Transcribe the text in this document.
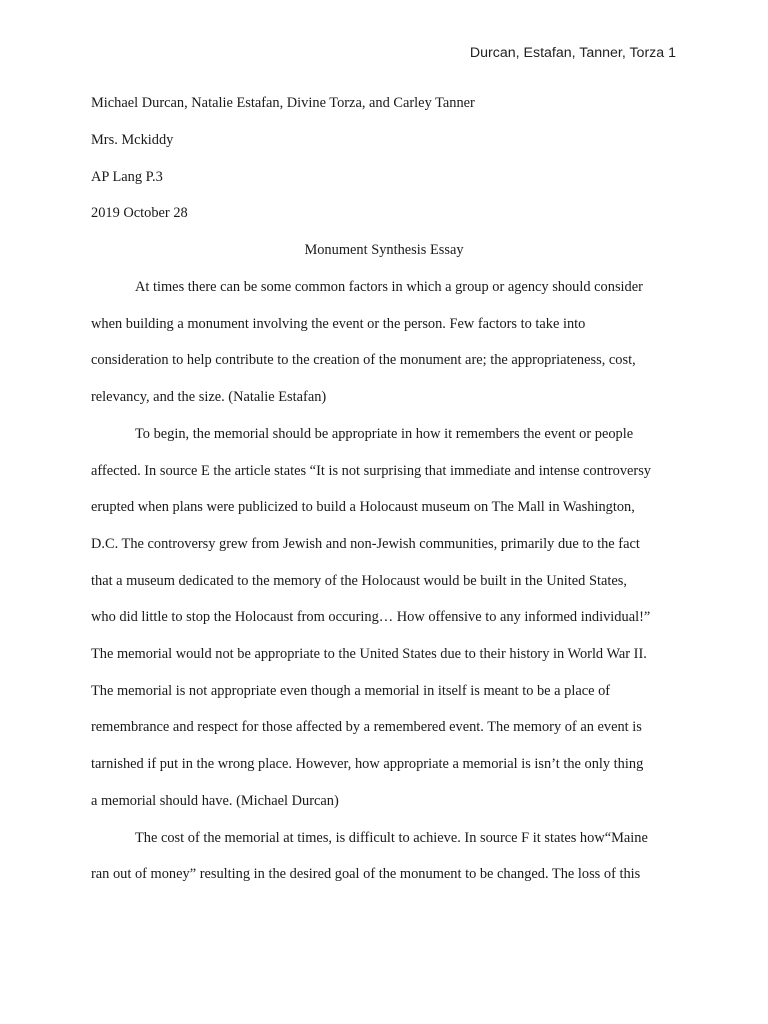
Durcan, Estafan, Tanner, Torza 1
Michael Durcan, Natalie Estafan, Divine Torza, and Carley Tanner
Mrs. Mckiddy
AP Lang P.3
2019 October 28
Monument Synthesis Essay
At times there can be some common factors in which a group or agency should consider
when building a monument involving the event or the person. Few factors to take into
consideration to help contribute to the creation of the monument are; the appropriateness, cost,
relevancy, and the size. (Natalie Estafan)
To begin, the memorial should be appropriate in how it remembers the event or people
affected. In source E the article states “It is not surprising that immediate and intense controversy
erupted when plans were publicized to build a Holocaust museum on The Mall in Washington,
D.C. The controversy grew from Jewish and non-Jewish communities, primarily due to the fact
that a museum dedicated to the memory of the Holocaust would be built in the United States,
who did little to stop the Holocaust from occuring… How offensive to any informed individual!”
The memorial would not be appropriate to the United States due to their history in World War II.
The memorial is not appropriate even though a memorial in itself is meant to be a place of
remembrance and respect for those affected by a remembered event. The memory of an event is
tarnished if put in the wrong place. However, how appropriate a memorial is isn’t the only thing
a memorial should have. (Michael Durcan)
The cost of the memorial at times, is difficult to achieve. In source F it states how“Maine
ran out of money” resulting in the desired goal of the monument to be changed. The loss of this
